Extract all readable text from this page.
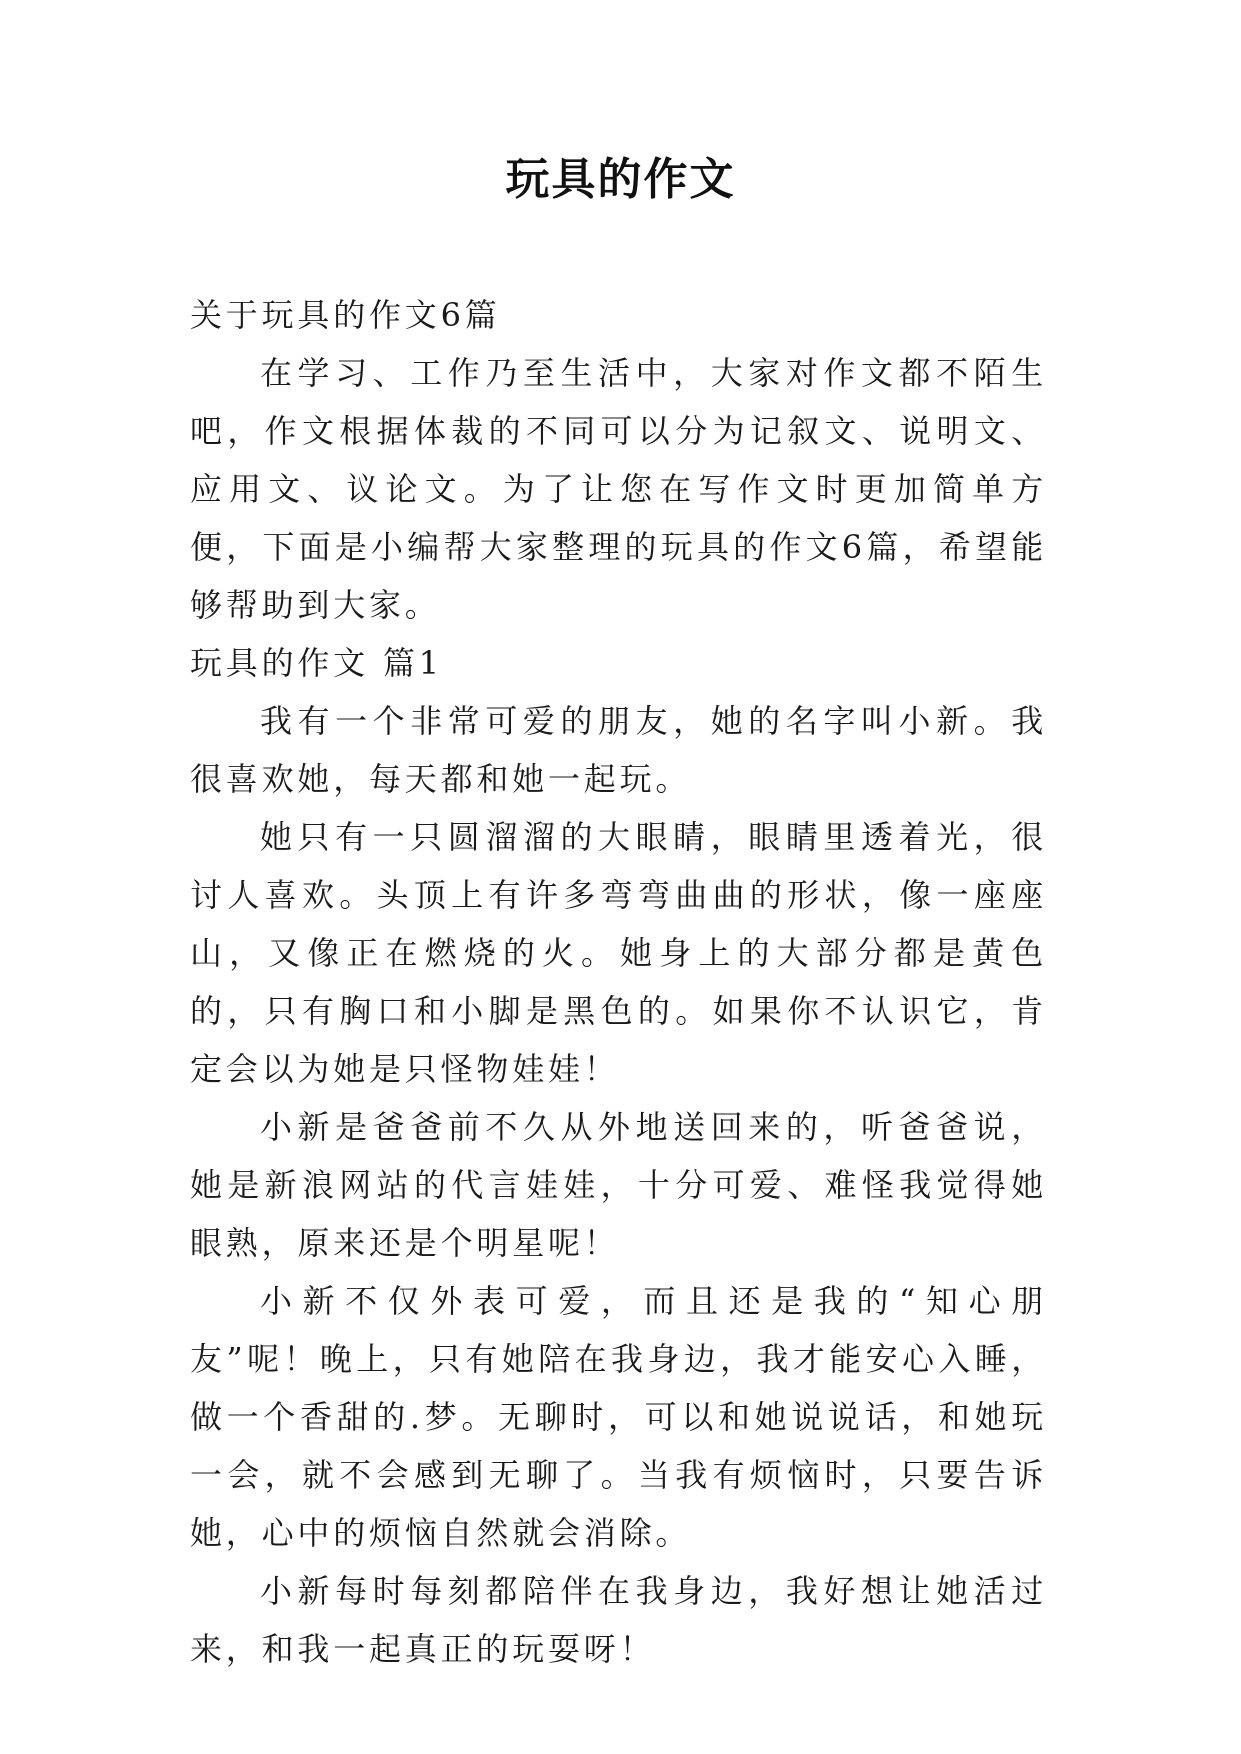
玩具的作文

关于玩具的作文6篇

在学习、工作乃至生活中，大家对作文都不陌生吧，作文根据体裁的不同可以分为记叙文、说明文、应用文、议论文。为了让您在写作文时更加简单方便，下面是小编帮大家整理的玩具的作文6篇，希望能够帮助到大家。

玩具的作文 篇1

我有一个非常可爱的朋友，她的名字叫小新。我很喜欢她，每天都和她一起玩。

她只有一只圆溜溜的大眼睛，眼睛里透着光，很讨人喜欢。头顶上有许多弯弯曲曲的形状，像一座座山，又像正在燃烧的火。她身上的大部分都是黄色的，只有胸口和小脚是黑色的。如果你不认识它，肯定会以为她是只怪物娃娃！

小新是爸爸前不久从外地送回来的，听爸爸说，她是新浪网站的代言娃娃，十分可爱、难怪我觉得她眼熟，原来还是个明星呢！

小新不仅外表可爱，而且还是我的“知心朋友”呢！晚上，只有她陪在我身边，我才能安心入睡，做一个香甜的.梦。无聊时，可以和她说说话，和她玩一会，就不会感到无聊了。当我有烦恼时，只要告诉她，心中的烦恼自然就会消除。

小新每时每刻都陪伴在我身边，我好想让她活过来，和我一起真正的玩耍呀！
